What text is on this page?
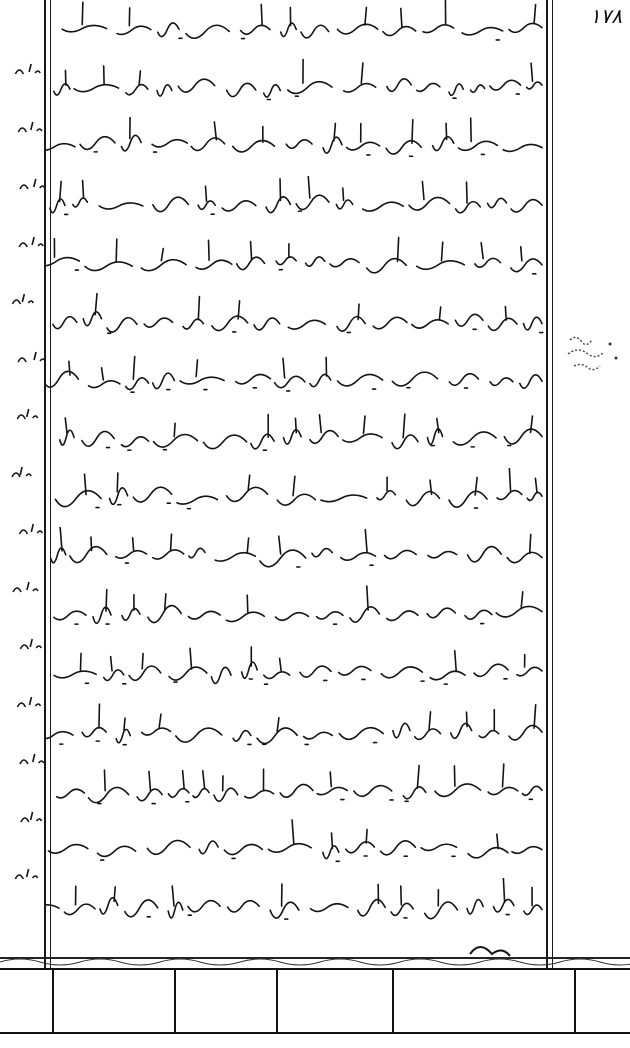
۱۷۸
